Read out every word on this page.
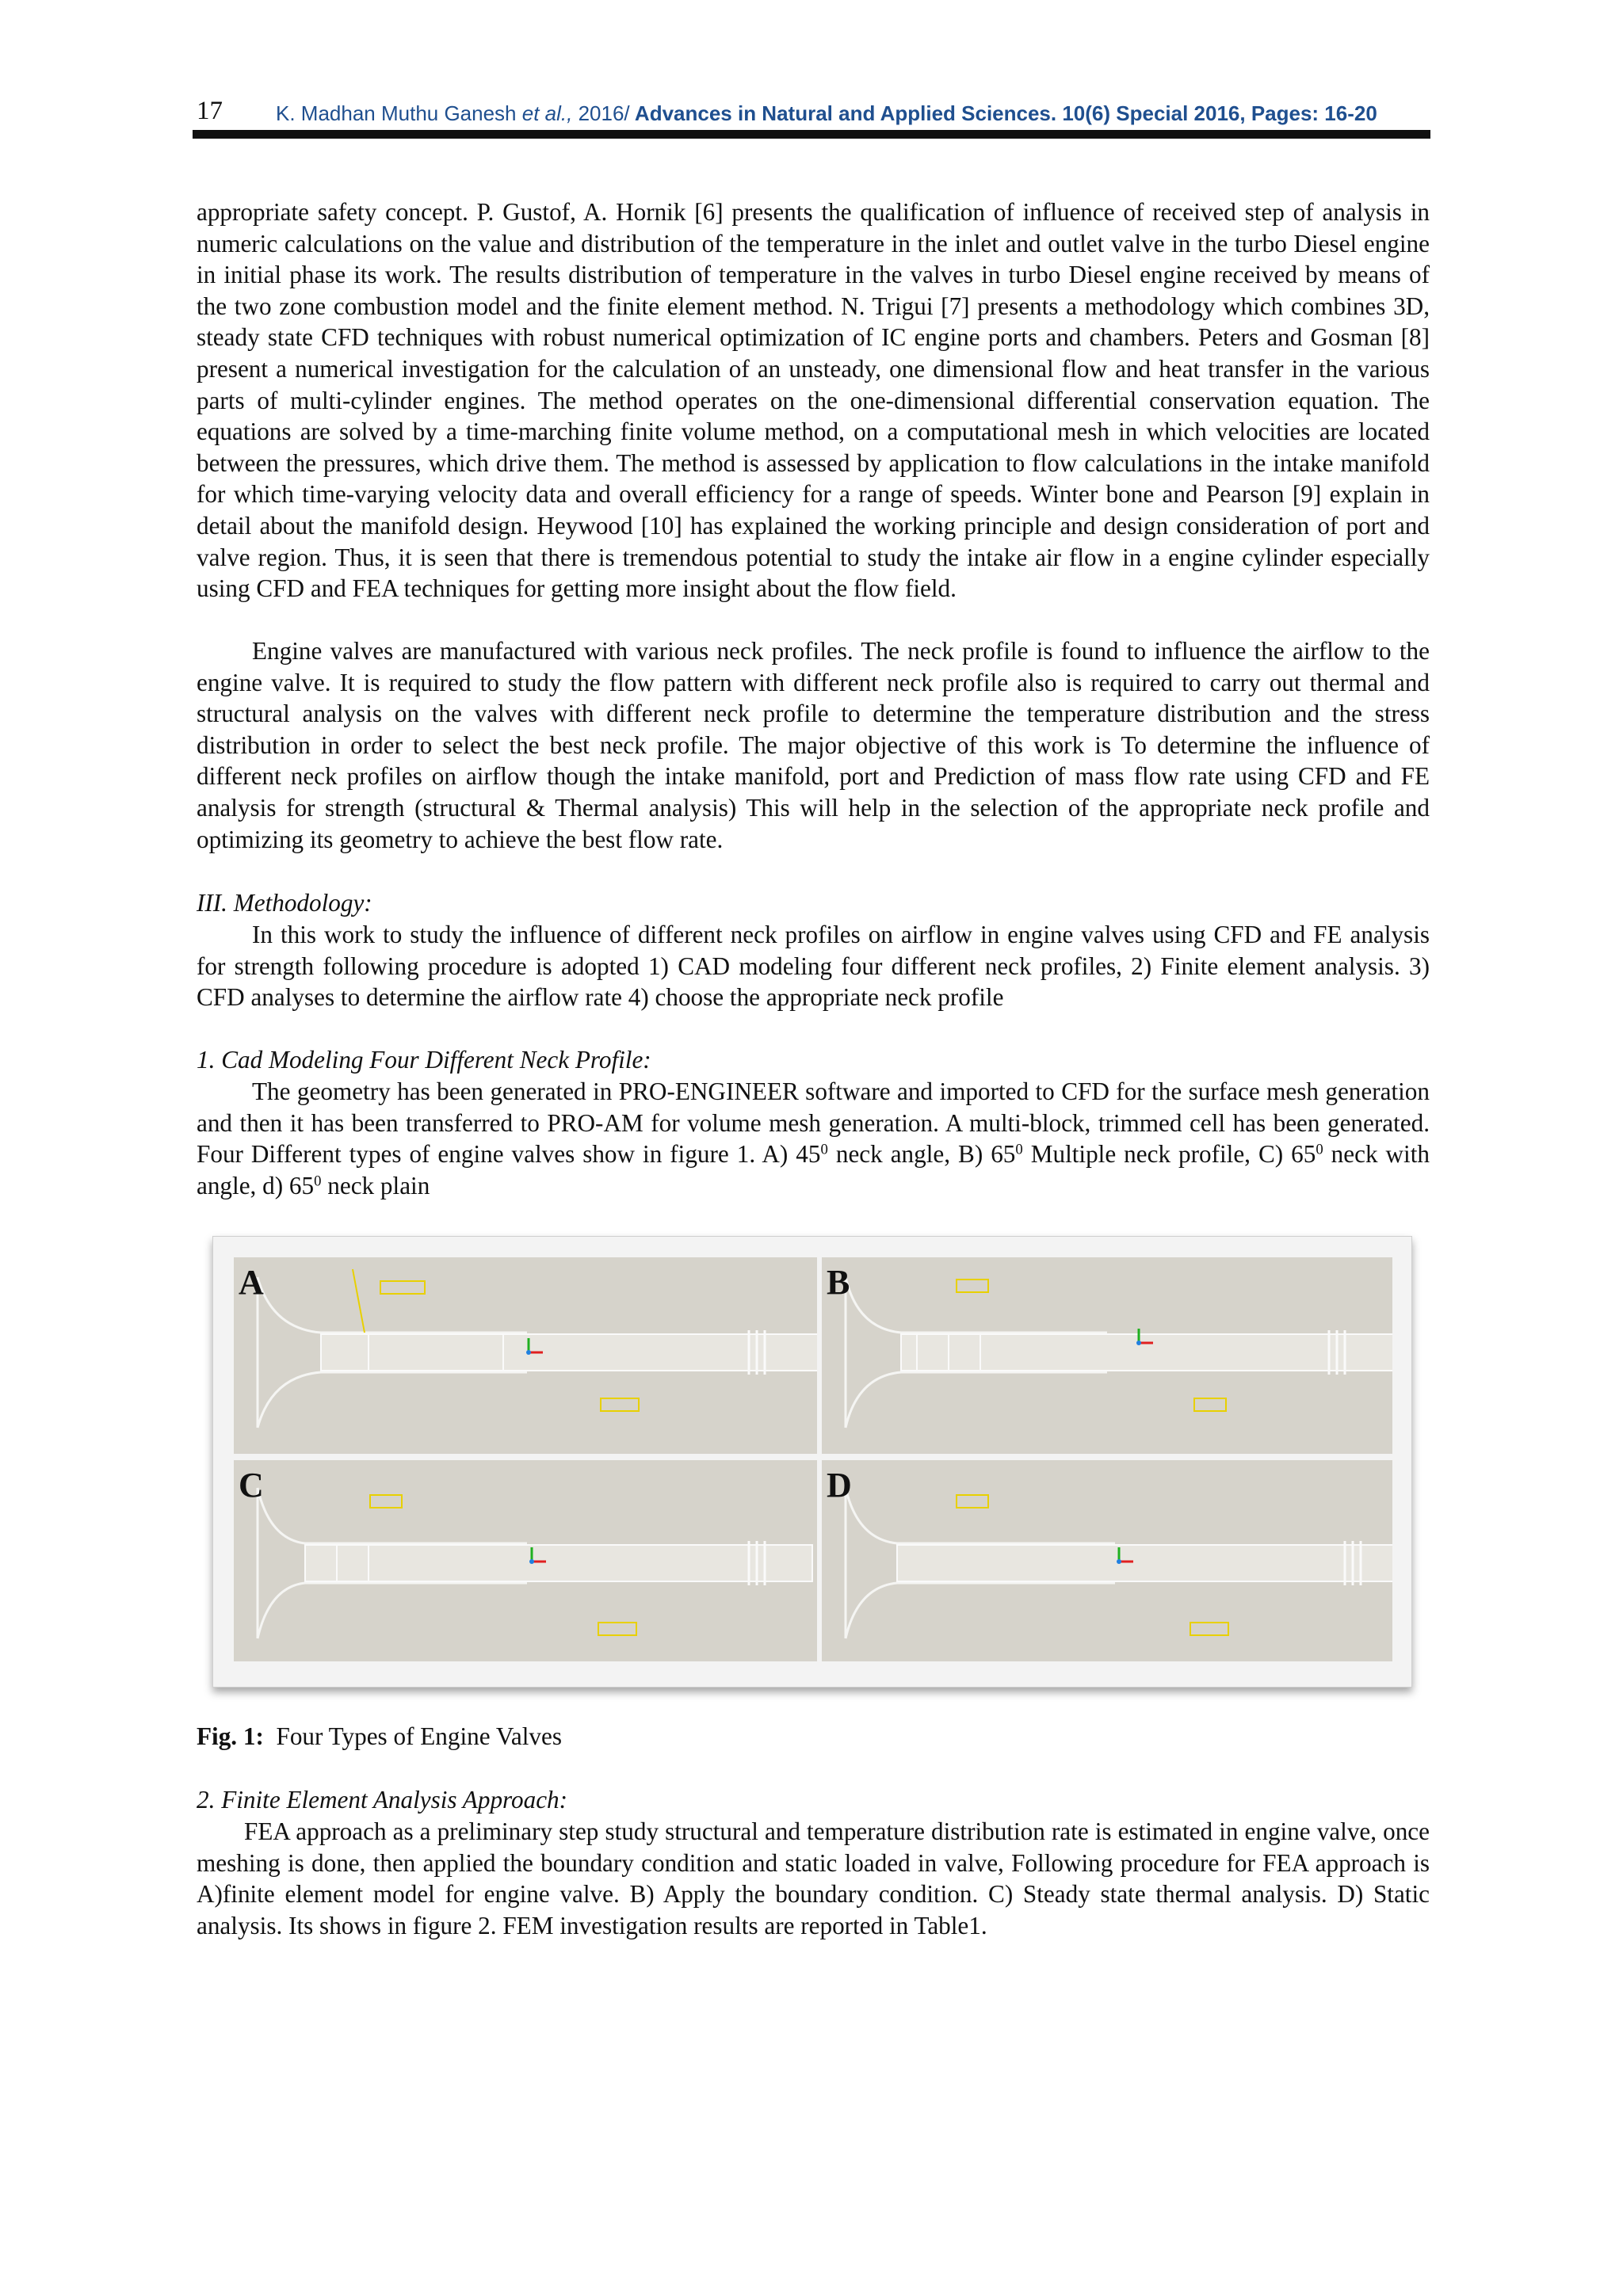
17	K. Madhan Muthu Ganesh et al., 2016/ Advances in Natural and Applied Sciences. 10(6) Special 2016, Pages: 16-20

appropriate safety concept. P. Gustof, A. Hornik [6] presents the qualification of influence of received step of analysis in numeric calculations on the value and distribution of the temperature in the inlet and outlet valve in the turbo Diesel engine in initial phase its work. The results distribution of temperature in the valves in turbo Diesel engine received by means of the two zone combustion model and the finite element method. N. Trigui [7] presents a methodology which combines 3D, steady state CFD techniques with robust numerical optimization of IC engine ports and chambers. Peters and Gosman [8] present a numerical investigation for the calculation of an unsteady, one dimensional flow and heat transfer in the various parts of multi-cylinder engines. The method operates on the one-dimensional differential conservation equation. The equations are solved by a time-marching finite volume method, on a computational mesh in which velocities are located between the pressures, which drive them. The method is assessed by application to flow calculations in the intake manifold for which time-varying velocity data and overall efficiency for a range of speeds. Winter bone and Pearson [9] explain in detail about the manifold design. Heywood [10] has explained the working principle and design consideration of port and valve region. Thus, it is seen that there is tremendous potential to study the intake air flow in a engine cylinder especially using CFD and FEA techniques for getting more insight about the flow field.

Engine valves are manufactured with various neck profiles. The neck profile is found to influence the airflow to the engine valve. It is required to study the flow pattern with different neck profile also is required to carry out thermal and structural analysis on the valves with different neck profile to determine the temperature distribution and the stress distribution in order to select the best neck profile. The major objective of this work is To determine the influence of different neck profiles on airflow though the intake manifold, port and Prediction of mass flow rate using CFD and FE analysis for strength (structural & Thermal analysis) This will help in the selection of the appropriate neck profile and optimizing its geometry to achieve the best flow rate.

III. Methodology:

In this work to study the influence of different neck profiles on airflow in engine valves using CFD and FE analysis for strength following procedure is adopted 1) CAD modeling four different neck profiles, 2) Finite element analysis. 3) CFD analyses to determine the airflow rate 4) choose the appropriate neck profile

1. Cad Modeling Four Different Neck Profile:

The geometry has been generated in PRO-ENGINEER software and imported to CFD for the surface mesh generation and then it has been transferred to PRO-AM for volume mesh generation. A multi-block, trimmed cell has been generated. Four Different types of engine valves show in figure 1. A) $45^0$ neck angle, B) $65^0$ Multiple neck profile, C) $65^0$ neck with angle, d) $65^0$ neck plain

A	B
C	D
Fig. 1:  Four Types of Engine Valves
2. Finite Element Analysis Approach:

FEA approach as a preliminary step study structural and temperature distribution rate is estimated in engine valve, once meshing is done, then applied the boundary condition and static loaded in valve, Following procedure for FEA approach is A)finite element model for engine valve. B) Apply the boundary condition. C) Steady state thermal analysis. D) Static analysis. Its shows in figure 2. FEM investigation results are reported in Table1.
